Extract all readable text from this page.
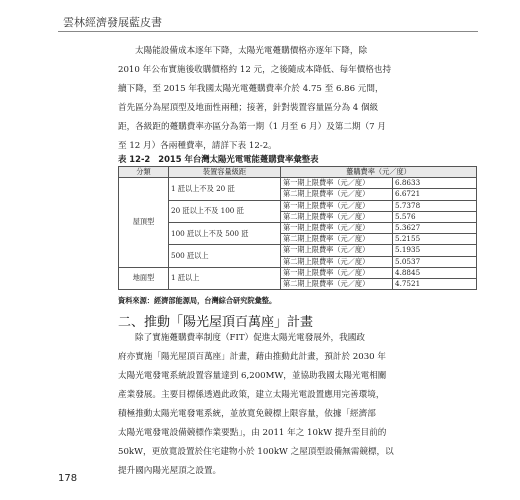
雲林經濟發展藍皮書
太陽能設備成本逐年下降，太陽光電躉購價格亦逐年下降，除
2010 年公布實施後收購價格約 12 元，之後隨成本降低、每年價格也持
續下降，至 2015 年我國太陽光電躉購費率介於 4.75 至 6.86 元間，
首先區分為屋頂型及地面性兩種；接著，針對裝置容量區分為 4 個級
距，各級距的躉購費率亦區分為第一期（1 月至 6 月）及第二期（7 月
至 12 月）各兩種費率，請詳下表 12-2。
表 12-2 2015 年台灣太陽光電電能躉購費率彙整表
分類	裝置容量級距	躉購費率（元／度）	
屋頂型	1 瓩以上不及 20 瓩	第一期上限費率（元／度）	6.8633
		第二期上限費率（元／度）	6.6721
	20 瓩以上不及 100 瓩	第一期上限費率（元／度）	5.7378
		第二期上限費率（元／度）	5.576
	100 瓩以上不及 500 瓩	第一期上限費率（元／度）	5.3627
		第二期上限費率（元／度）	5.2155
	500 瓩以上	第一期上限費率（元／度）	5.1935
		第二期上限費率（元／度）	5.0537
地面型	1 瓩以上	第一期上限費率（元／度）	4.8845
		第二期上限費率（元／度）	4.7521
資料來源：經濟部能源局，台灣綜合研究院彙整。
二、推動「陽光屋頂百萬座」計畫
除了實施躉購費率制度（FIT）促進太陽光電發展外，我國政
府亦實施「陽光屋頂百萬座」計畫，藉由推動此計畫，預計於 2030 年
太陽光電發電系統設置容量達到 6,200MW，並協助我國太陽光電相關
產業發展。主要目標係透過此政策，建立太陽光電設置應用完善環境，
積極推動太陽光電發電系統，並放寬免競標上限容量，依據「經濟部
太陽光電發電設備競標作業要點」，由 2011 年之 10kW 提升至目前的
50kW，更放寬設置於住宅建物小於 100kW 之屋頂型設備無需競標，以
提升國內陽光屋頂之設置。
178
